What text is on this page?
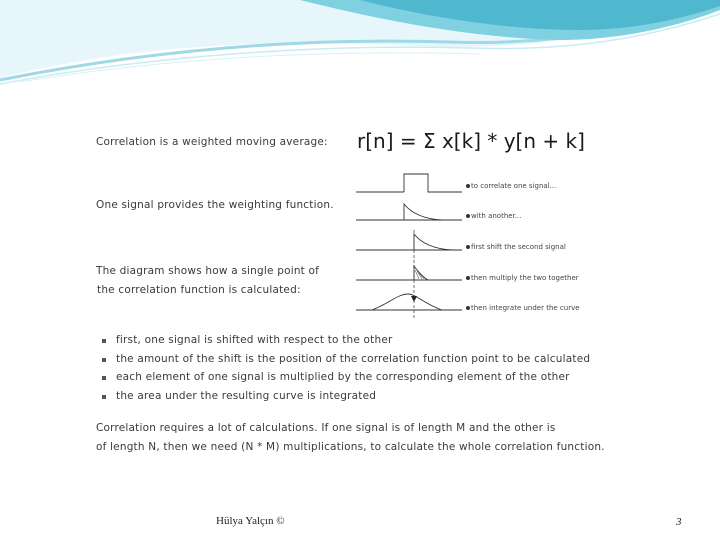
Correlation is a weighted moving average: r[n] = Σ x[k] * y[n + k]
One signal provides the weighting function.
The diagram shows how a single point of
the correlation function is calculated:
to correlate one signal...
with another...
first shift the second signal
then multiply the two together
then integrate under the curve
first, one signal is shifted with respect to the other
the amount of the shift is the position of the correlation function point to be calculated
each element of one signal is multiplied by the corresponding element of the other
the area under the resulting curve is integrated
Correlation requires a lot of calculations. If one signal is of length M and the other is
of length N, then we need (N * M) multiplications, to calculate the whole correlation function.
Hülya Yalçın ©	3
